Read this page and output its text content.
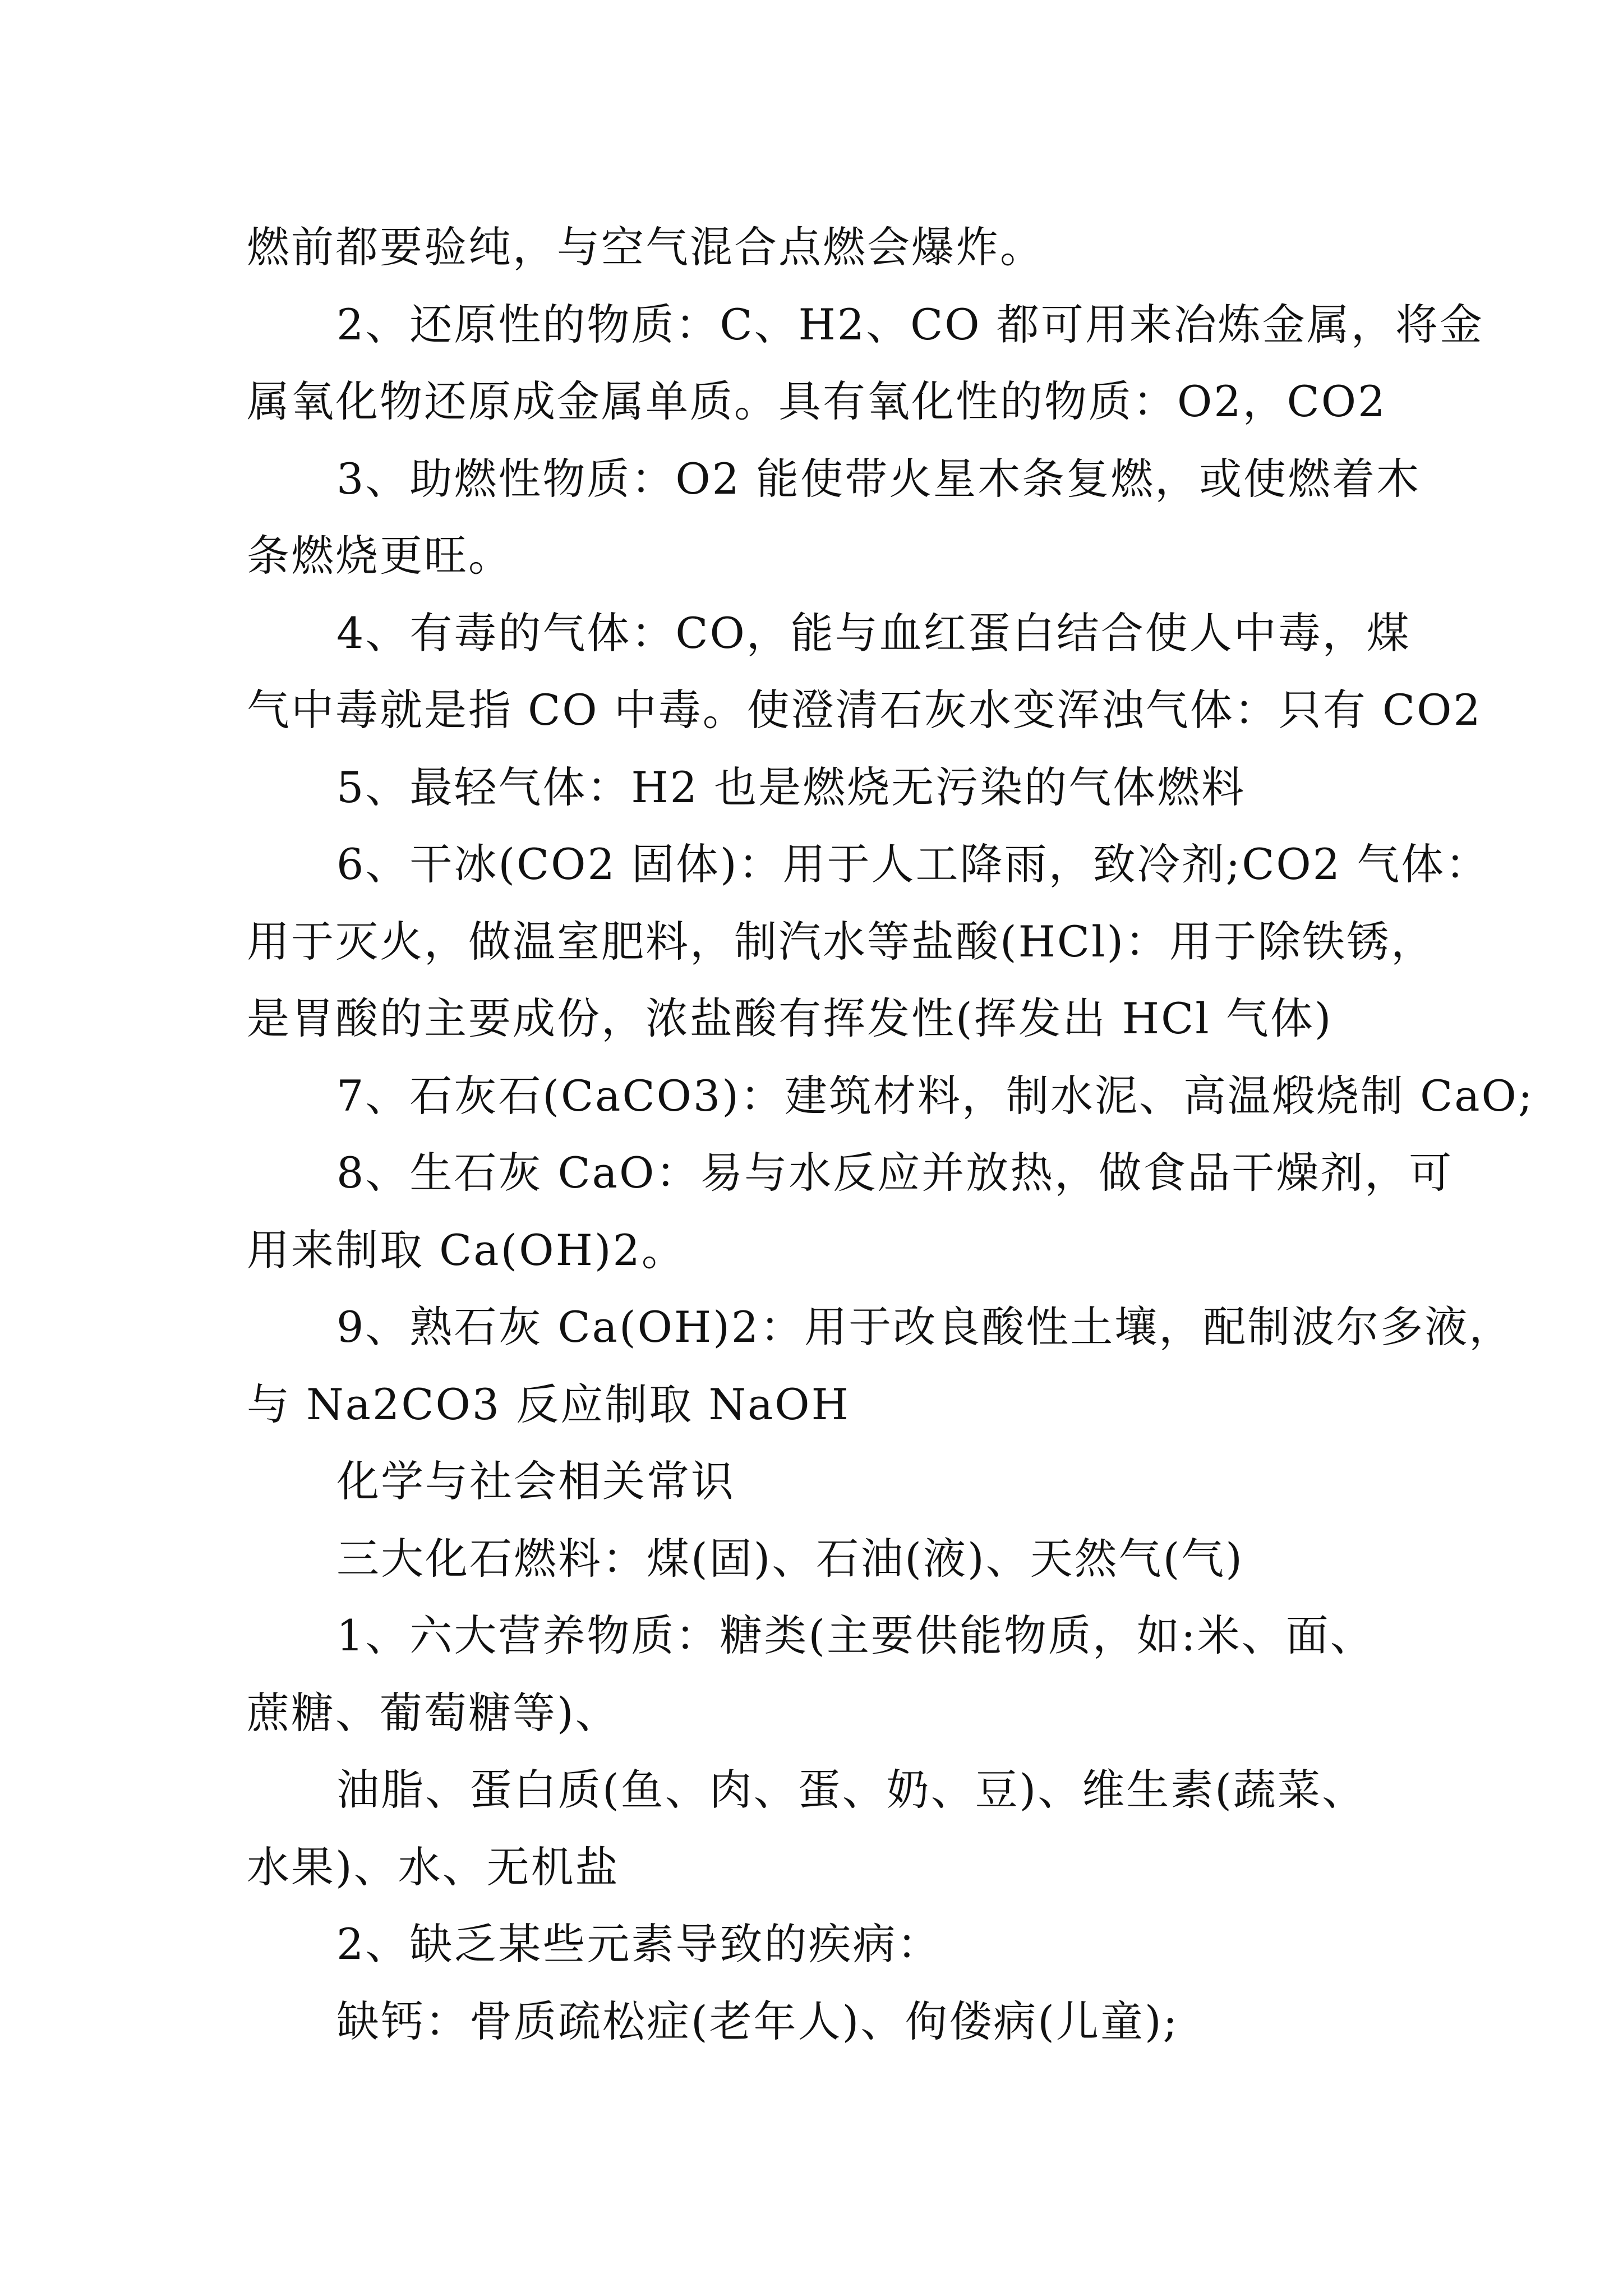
燃前都要验纯，与空气混合点燃会爆炸。

2、还原性的物质：C、H2、CO 都可用来冶炼金属，将金

属氧化物还原成金属单质。具有氧化性的物质：O2，CO2

3、助燃性物质：O2 能使带火星木条复燃，或使燃着木

条燃烧更旺。

4、有毒的气体：CO，能与血红蛋白结合使人中毒，煤

气中毒就是指 CO 中毒。使澄清石灰水变浑浊气体：只有 CO2

5、最轻气体：H2 也是燃烧无污染的气体燃料

6、干冰(CO2 固体)：用于人工降雨，致冷剂;CO2 气体：

用于灭火，做温室肥料，制汽水等盐酸(HCl)：用于除铁锈，

是胃酸的主要成份，浓盐酸有挥发性(挥发出 HCl 气体)

7、石灰石(CaCO3)：建筑材料，制水泥、高温煅烧制 CaO;

8、生石灰 CaO：易与水反应并放热，做食品干燥剂，可

用来制取 Ca(OH)2。

9、熟石灰 Ca(OH)2：用于改良酸性土壤，配制波尔多液，

与 Na2CO3 反应制取 NaOH

化学与社会相关常识

三大化石燃料：煤(固)、石油(液)、天然气(气)

1、六大营养物质：糖类(主要供能物质，如:米、面、

蔗糖、葡萄糖等)、

油脂、蛋白质(鱼、肉、蛋、奶、豆)、维生素(蔬菜、

水果)、水、无机盐

2、缺乏某些元素导致的疾病：

缺钙：骨质疏松症(老年人)、佝偻病(儿童);
